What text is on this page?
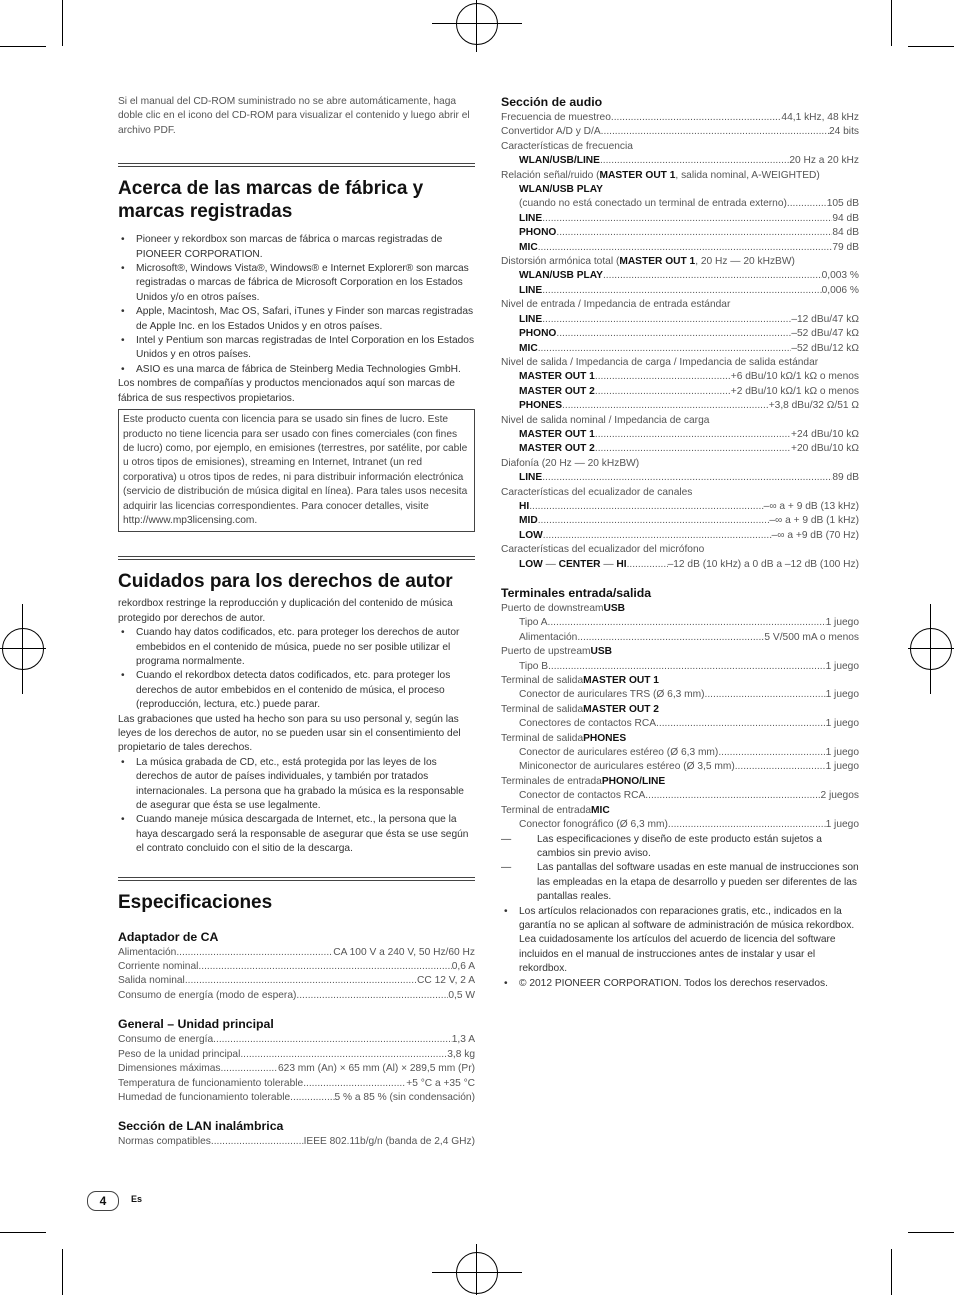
Si el manual del CD-ROM suministrado no se abre automáticamente, haga doble clic en el icono del CD-ROM para visualizar el contenido y luego abrir el archivo PDF.

Acerca de las marcas de fábrica y marcas registradas
• Pioneer y rekordbox son marcas de fábrica o marcas registradas de PIONEER CORPORATION.
• Microsoft®, Windows Vista®, Windows® e Internet Explorer® son marcas registradas o marcas de fábrica de Microsoft Corporation en los Estados Unidos y/o en otros países.
• Apple, Macintosh, Mac OS, Safari, iTunes y Finder son marcas registradas de Apple Inc. en los Estados Unidos y en otros países.
• Intel y Pentium son marcas registradas de Intel Corporation en los Estados Unidos y en otros países.
• ASIO es una marca de fábrica de Steinberg Media Technologies GmbH.

Los nombres de compañías y productos mencionados aquí son marcas de fábrica de sus respectivos propietarios.

Este producto cuenta con licencia para se usado sin fines de lucro. Este producto no tiene licencia para ser usado con fines comerciales (con fines de lucro) como, por ejemplo, en emisiones (terrestres, por satélite, por cable u otros tipos de emisiones), streaming en Internet, Intranet (un red corporativa) u otros tipos de redes, ni para distribuir información electrónica (servicio de distribución de música digital en línea). Para tales usos necesita adquirir las licencias correspondientes. Para conocer detalles, visite http://www.mp3licensing.com.
Cuidados para los derechos de autor

rekordbox restringe la reproducción y duplicación del contenido de música protegido por derechos de autor.

• Cuando hay datos codificados, etc. para proteger los derechos de autor embebidos en el contenido de música, puede no ser posible utilizar el programa normalmente.
• Cuando el rekordbox detecta datos codificados, etc. para proteger los derechos de autor embebidos en el contenido de música, el proceso (reproducción, lectura, etc.) puede parar.

Las grabaciones que usted ha hecho son para su uso personal y, según las leyes de los derechos de autor, no se pueden usar sin el consentimiento del propietario de tales derechos.

• La música grabada de CD, etc., está protegida por las leyes de los derechos de autor de países individuales, y también por tratados internacionales. La persona que ha grabado la música es la responsable de asegurar que ésta se use legalmente.
• Cuando maneje música descargada de Internet, etc., la persona que la haya descargado será la responsable de asegurar que ésta se use según el contrato concluido con el sitio de la descarga.
Especificaciones
Adaptador de CA
Alimentación .....	CA 100 V a 240 V, 50 Hz/60 Hz
Corriente nominal .....	0,6 A
Salida nominal .....	CC 12 V, 2 A
Consumo de energía (modo de espera) .....	0,5 W
General – Unidad principal
Consumo de energía .....	1,3 A
Peso de la unidad principal .....	3,8 kg
Dimensiones máximas .....	623 mm (An) × 65 mm (Al) × 289,5 mm (Pr)
Temperatura de funcionamiento tolerable .....	+5 °C a +35 °C
Humedad de funcionamiento tolerable .....	5 % a 85 % (sin condensación)
Sección de LAN inalámbrica
Normas compatibles .....	IEEE 802.11b/g/n (banda de 2,4 GHz)
Sección de audio
Frecuencia de muestreo .....	44,1 kHz, 48 kHz
Convertidor A/D y D/A .....	24 bits
Características de frecuencia
WLAN/USB/LINE .....	20 Hz a 20 kHz
Relación señal/ruido ( MASTER OUT 1 , salida nominal, A-WEIGHTED)
WLAN/USB PLAY
(cuando no está conectado un terminal de entrada externo) .....	105 dB
LINE .....	94 dB
PHONO .....	84 dB
MIC .....	79 dB
Distorsión armónica total ( MASTER OUT 1 , 20 Hz — 20 kHzBW)
WLAN/USB PLAY .....	0,003 %
LINE .....	0,006 %
Nivel de entrada / Impedancia de entrada estándar
LINE .....	–12 dBu/47 kΩ
PHONO .....	–52 dBu/47 kΩ
MIC .....	–52 dBu/12 kΩ
Nivel de salida / Impedancia de carga / Impedancia de salida estándar
MASTER OUT 1 .....	+6 dBu/10 kΩ/1 kΩ o menos
MASTER OUT 2 .....	+2 dBu/10 kΩ/1 kΩ o menos
PHONES .....	+3,8 dBu/32 Ω/51 Ω
Nivel de salida nominal / Impedancia de carga
MASTER OUT 1 .....	+24 dBu/10 kΩ
MASTER OUT 2 .....	+20 dBu/10 kΩ
Diafonía (20 Hz — 20 kHzBW)
LINE .....	89 dB
Características del ecualizador de canales
HI .....	–∞ a + 9 dB (13 kHz)
MID .....	–∞ a + 9 dB (1 kHz)
LOW .....	–∞ a +9 dB (70 Hz)
Características del ecualizador del micrófono
LOW — CENTER — HI .....	–12 dB (10 kHz) a 0 dB a –12 dB (100 Hz)
Terminales entrada/salida
Puerto de downstream USB
Tipo A .....	1 juego
Alimentación .....	5 V/500 mA o menos
Puerto de upstream USB
Tipo B .....	1 juego
Terminal de salida MASTER OUT 1
Conector de auriculares TRS (Ø 6,3 mm) .....	1 juego
Terminal de salida MASTER OUT 2
Conectores de contactos RCA .....	1 juego
Terminal de salida PHONES
Conector de auriculares estéreo (Ø 6,3 mm) .....	1 juego
Miniconector de auriculares estéreo (Ø 3,5 mm) .....	1 juego
Terminales de entrada PHONO/LINE
Conector de contactos RCA .....	2 juegos
Terminal de entrada MIC
Conector fonográfico (Ø 6,3 mm) .....	1 juego
— Las especificaciones y diseño de este producto están sujetos a cambios sin previo aviso.
— Las pantallas del software usadas en este manual de instrucciones son las empleadas en la etapa de desarrollo y pueden ser diferentes de las pantallas reales.
• Los artículos relacionados con reparaciones gratis, etc., indicados en la garantía no se aplican al software de administración de música rekordbox. Lea cuidadosamente los artículos del acuerdo de licencia del software incluidos en el manual de instrucciones antes de instalar y usar el rekordbox.
• © 2012 PIONEER CORPORATION. Todos los derechos reservados.
4	Es
